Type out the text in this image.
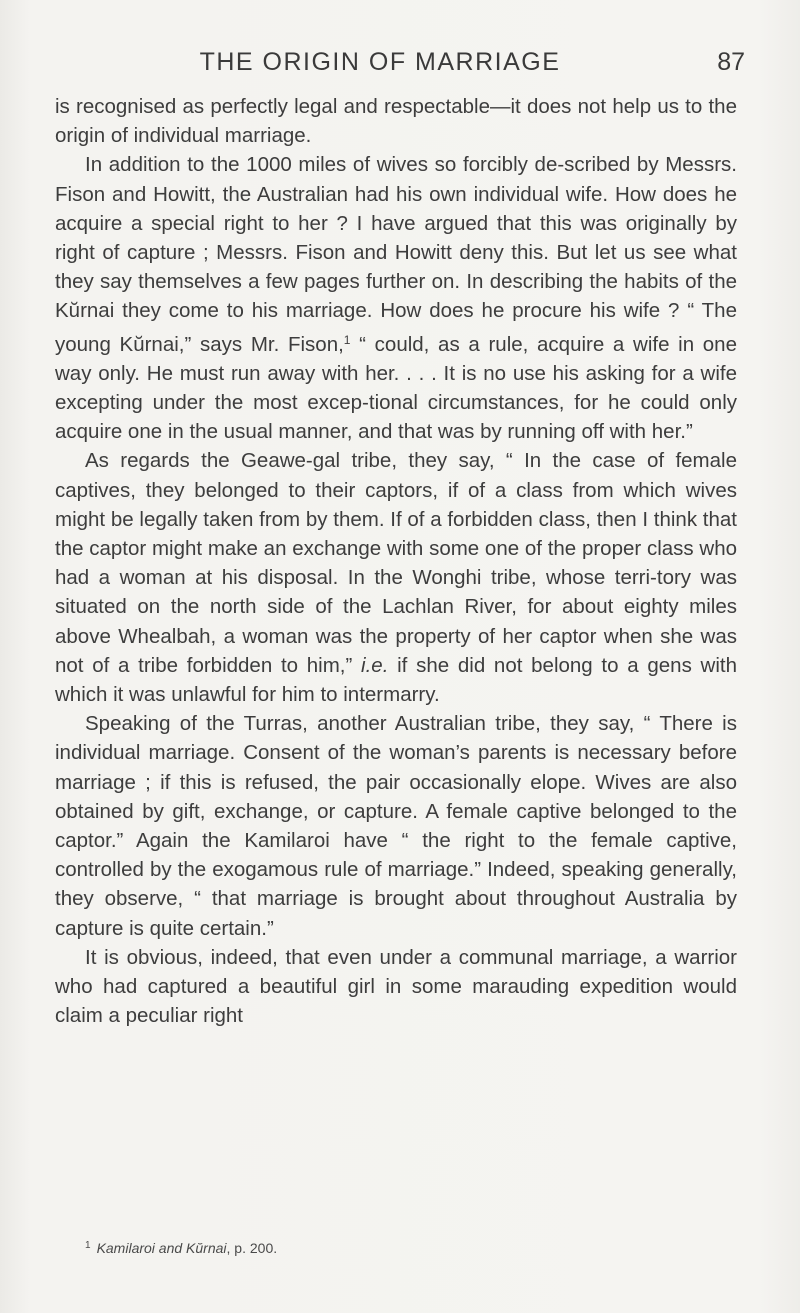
THE ORIGIN OF MARRIAGE	87

is recognised as perfectly legal and respectable—it does not help us to the origin of individual marriage.

In addition to the 1000 miles of wives so forcibly de-scribed by Messrs. Fison and Howitt, the Australian had his own individual wife. How does he acquire a special right to her ? I have argued that this was originally by right of capture ; Messrs. Fison and Howitt deny this. But let us see what they say themselves a few pages further on. In describing the habits of the Kŭrnai they come to his marriage. How does he procure his wife ? “ The young Kŭrnai,” says Mr. Fison,$^1$ “ could, as a rule, acquire a wife in one way only. He must run away with her. . . . It is no use his asking for a wife excepting under the most excep-tional circumstances, for he could only acquire one in the usual manner, and that was by running off with her.”

As regards the Geawe-gal tribe, they say, “ In the case of female captives, they belonged to their captors, if of a class from which wives might be legally taken from by them. If of a forbidden class, then I think that the captor might make an exchange with some one of the proper class who had a woman at his disposal. In the Wonghi tribe, whose terri-tory was situated on the north side of the Lachlan River, for about eighty miles above Whealbah, a woman was the property of her captor when she was not of a tribe forbidden to him,” i.e. if she did not belong to a gens with which it was unlawful for him to intermarry.

Speaking of the Turras, another Australian tribe, they say, “ There is individual marriage. Consent of the woman’s parents is necessary before marriage ; if this is refused, the pair occasionally elope. Wives are also obtained by gift, exchange, or capture. A female captive belonged to the captor.” Again the Kamilaroi have “ the right to the female captive, controlled by the exogamous rule of marriage.” Indeed, speaking generally, they observe, “ that marriage is brought about throughout Australia by capture is quite certain.”

It is obvious, indeed, that even under a communal marriage, a warrior who had captured a beautiful girl in some marauding expedition would claim a peculiar right

$^1$ Kamilaroi and Kŭrnai, p. 200.
